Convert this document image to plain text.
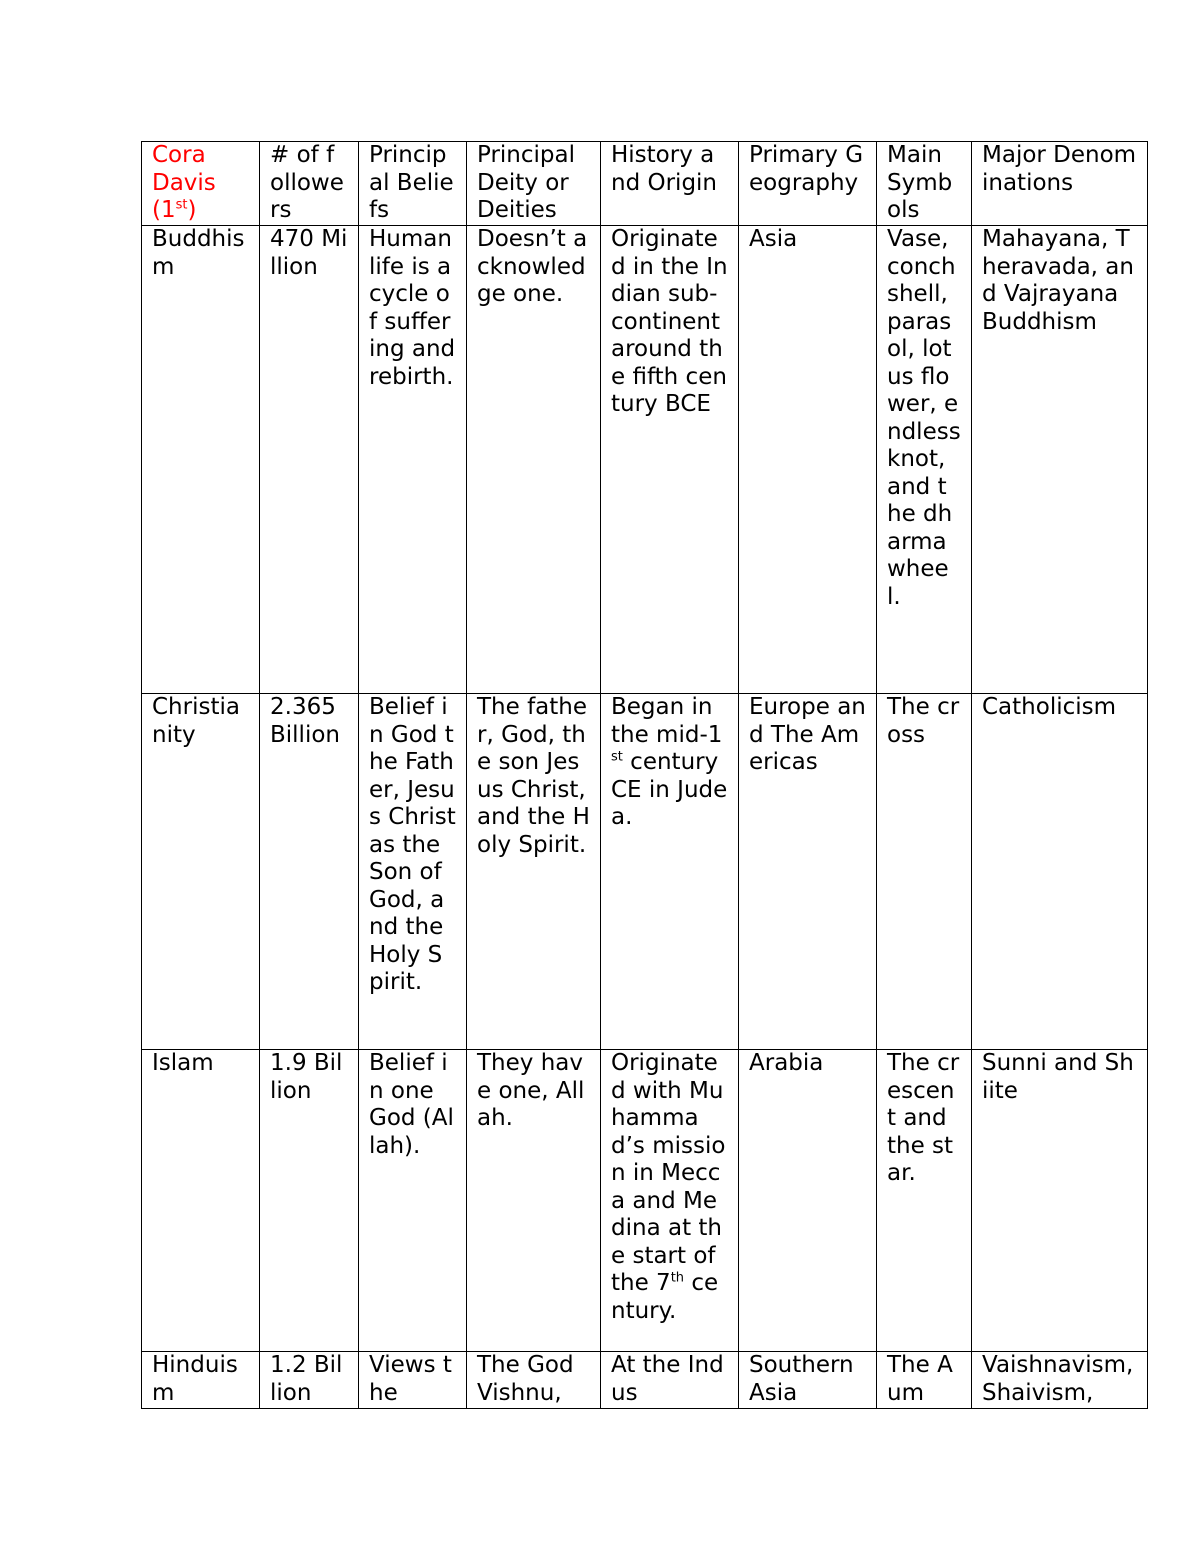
Cora
Davis
(1st)	# of followers	Principal Beliefs	Principal Deity or Deities	History and Origin	Primary Geography	Main Symbols	Major Denominations
Buddhism	470 Million	Human life is a cycle of suffering and rebirth.	Doesn’t acknowledge one.	Originated in the Indian sub-continent around the fifth century BCE	Asia	Vase, conch shell, parasol, lotus flower, endless knot, and the dharma wheel.	Mahayana, Theravada, and Vajrayana Buddhism
Christianity	2.365 Billion	Belief in God the Father, Jesus Christ as the Son of God, and the Holy Spirit.	The father, God, the son Jesus Christ, and the Holy Spirit.	Began in the mid-1st century CE in Judea.	Europe and The Americas	The cross	Catholicism
Islam	1.9 Billion	Belief in one God (Allah).	They have one, Allah.	Originated with Muhammad’s mission in Mecca and Medina at the start of the 7th century.	Arabia	The crescent and the star.	Sunni and Shiite
Hinduism	1.2 Billion	Views the	The God Vishnu,	At the Indus	Southern Asia	The Aum	Vaishnavism, Shaivism,
